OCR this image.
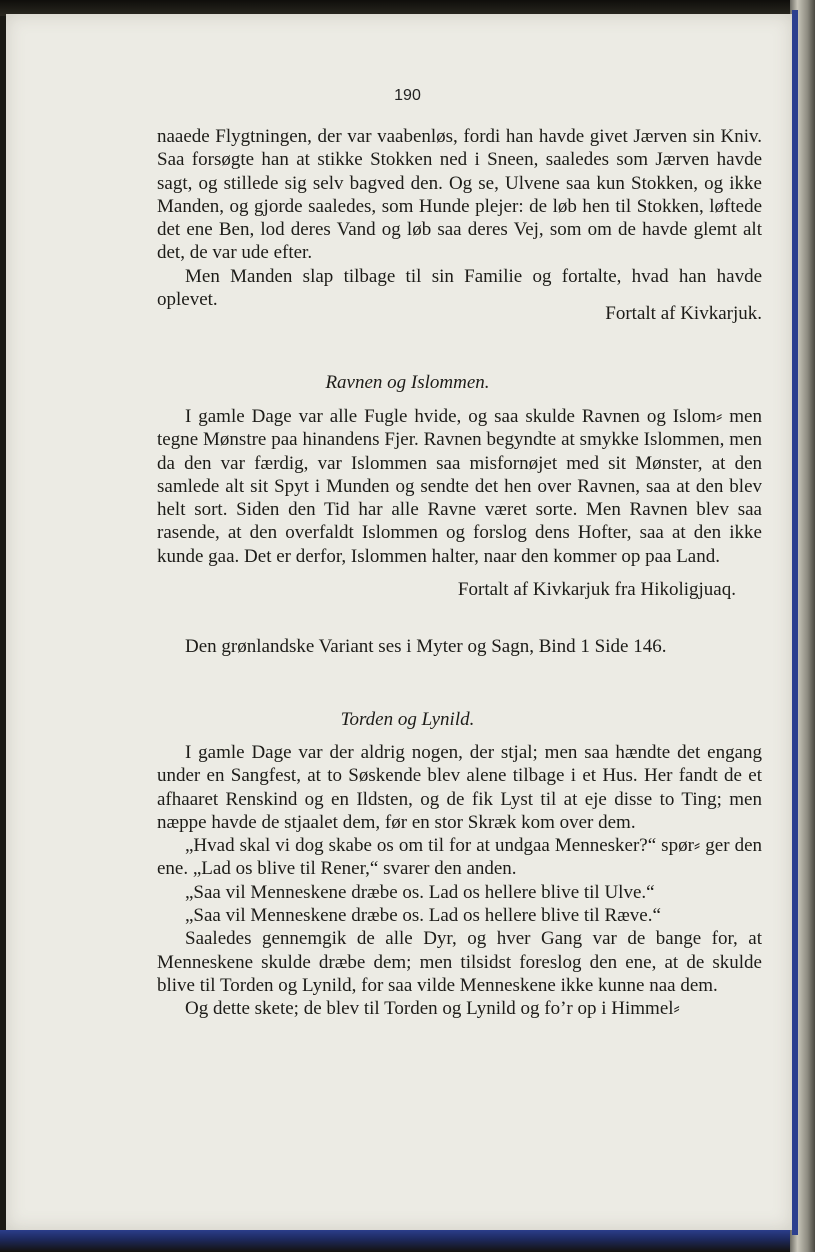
190

naaede Flygtningen, der var vaabenløs, fordi han havde givet Jærven sin Kniv. Saa forsøgte han at stikke Stokken ned i Sneen, saaledes som Jærven havde sagt, og stillede sig selv bagved den. Og se, Ulvene saa kun Stokken, og ikke Manden, og gjorde saaledes, som Hunde plejer: de løb hen til Stokken, løftede det ene Ben, lod deres Vand og løb saa deres Vej, som om de havde glemt alt det, de var ude efter.

Men Manden slap tilbage til sin Familie og fortalte, hvad han havde oplevet.

Fortalt af Kivkarjuk.

Ravnen og Islommen.

I gamle Dage var alle Fugle hvide, og saa skulde Ravnen og Islom⸗ men tegne Mønstre paa hinandens Fjer. Ravnen begyndte at smykke Islommen, men da den var færdig, var Islommen saa misfornøjet med sit Mønster, at den samlede alt sit Spyt i Munden og sendte det hen over Ravnen, saa at den blev helt sort. Siden den Tid har alle Ravne været sorte. Men Ravnen blev saa rasende, at den overfaldt Islommen og forslog dens Hofter, saa at den ikke kunde gaa. Det er derfor, Islommen halter, naar den kommer op paa Land.

Fortalt af Kivkarjuk fra Hikoligjuaq.

Den grønlandske Variant ses i Myter og Sagn, Bind 1 Side 146.
Torden og Lynild.

I gamle Dage var der aldrig nogen, der stjal; men saa hændte det engang under en Sangfest, at to Søskende blev alene tilbage i et Hus. Her fandt de et afhaaret Renskind og en Ildsten, og de fik Lyst til at eje disse to Ting; men næppe havde de stjaalet dem, før en stor Skræk kom over dem.

„Hvad skal vi dog skabe os om til for at undgaa Mennesker?“ spør⸗ ger den ene. „Lad os blive til Rener,“ svarer den anden.

„Saa vil Menneskene dræbe os. Lad os hellere blive til Ulve.“

„Saa vil Menneskene dræbe os. Lad os hellere blive til Ræve.“

Saaledes gennemgik de alle Dyr, og hver Gang var de bange for, at Menneskene skulde dræbe dem; men tilsidst foreslog den ene, at de skulde blive til Torden og Lynild, for saa vilde Menneskene ikke kunne naa dem.

Og dette skete; de blev til Torden og Lynild og fo’r op i Himmel⸗
